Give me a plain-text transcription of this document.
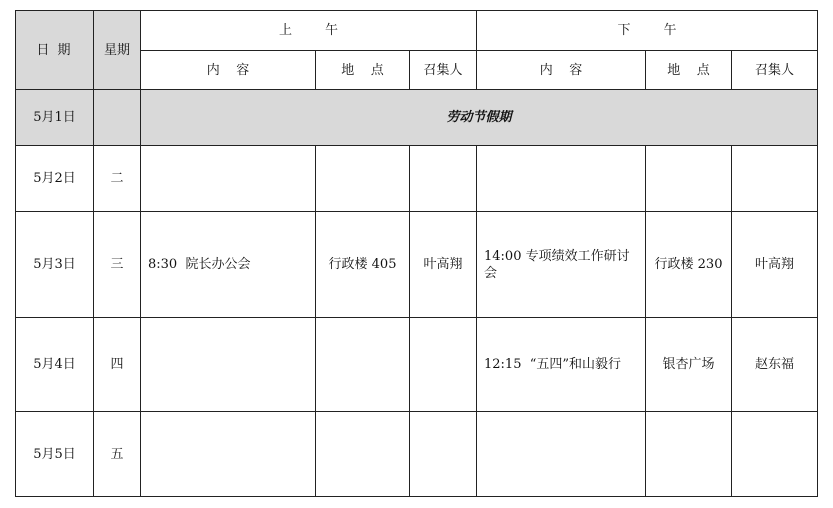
日 期	星期	上        午			下        午		
		内    容	地    点	召集人	内    容	地    点	召集人
5月1日		劳动节假期					
5月2日	二						
5月3日	三	8:30  院长办公会	行政楼 405	叶高翔	14:00 专项绩效工作研讨会	行政楼 230	叶高翔
5月4日	四				12:15  “五四”和山毅行	银杏广场	赵东福
5月5日	五						
